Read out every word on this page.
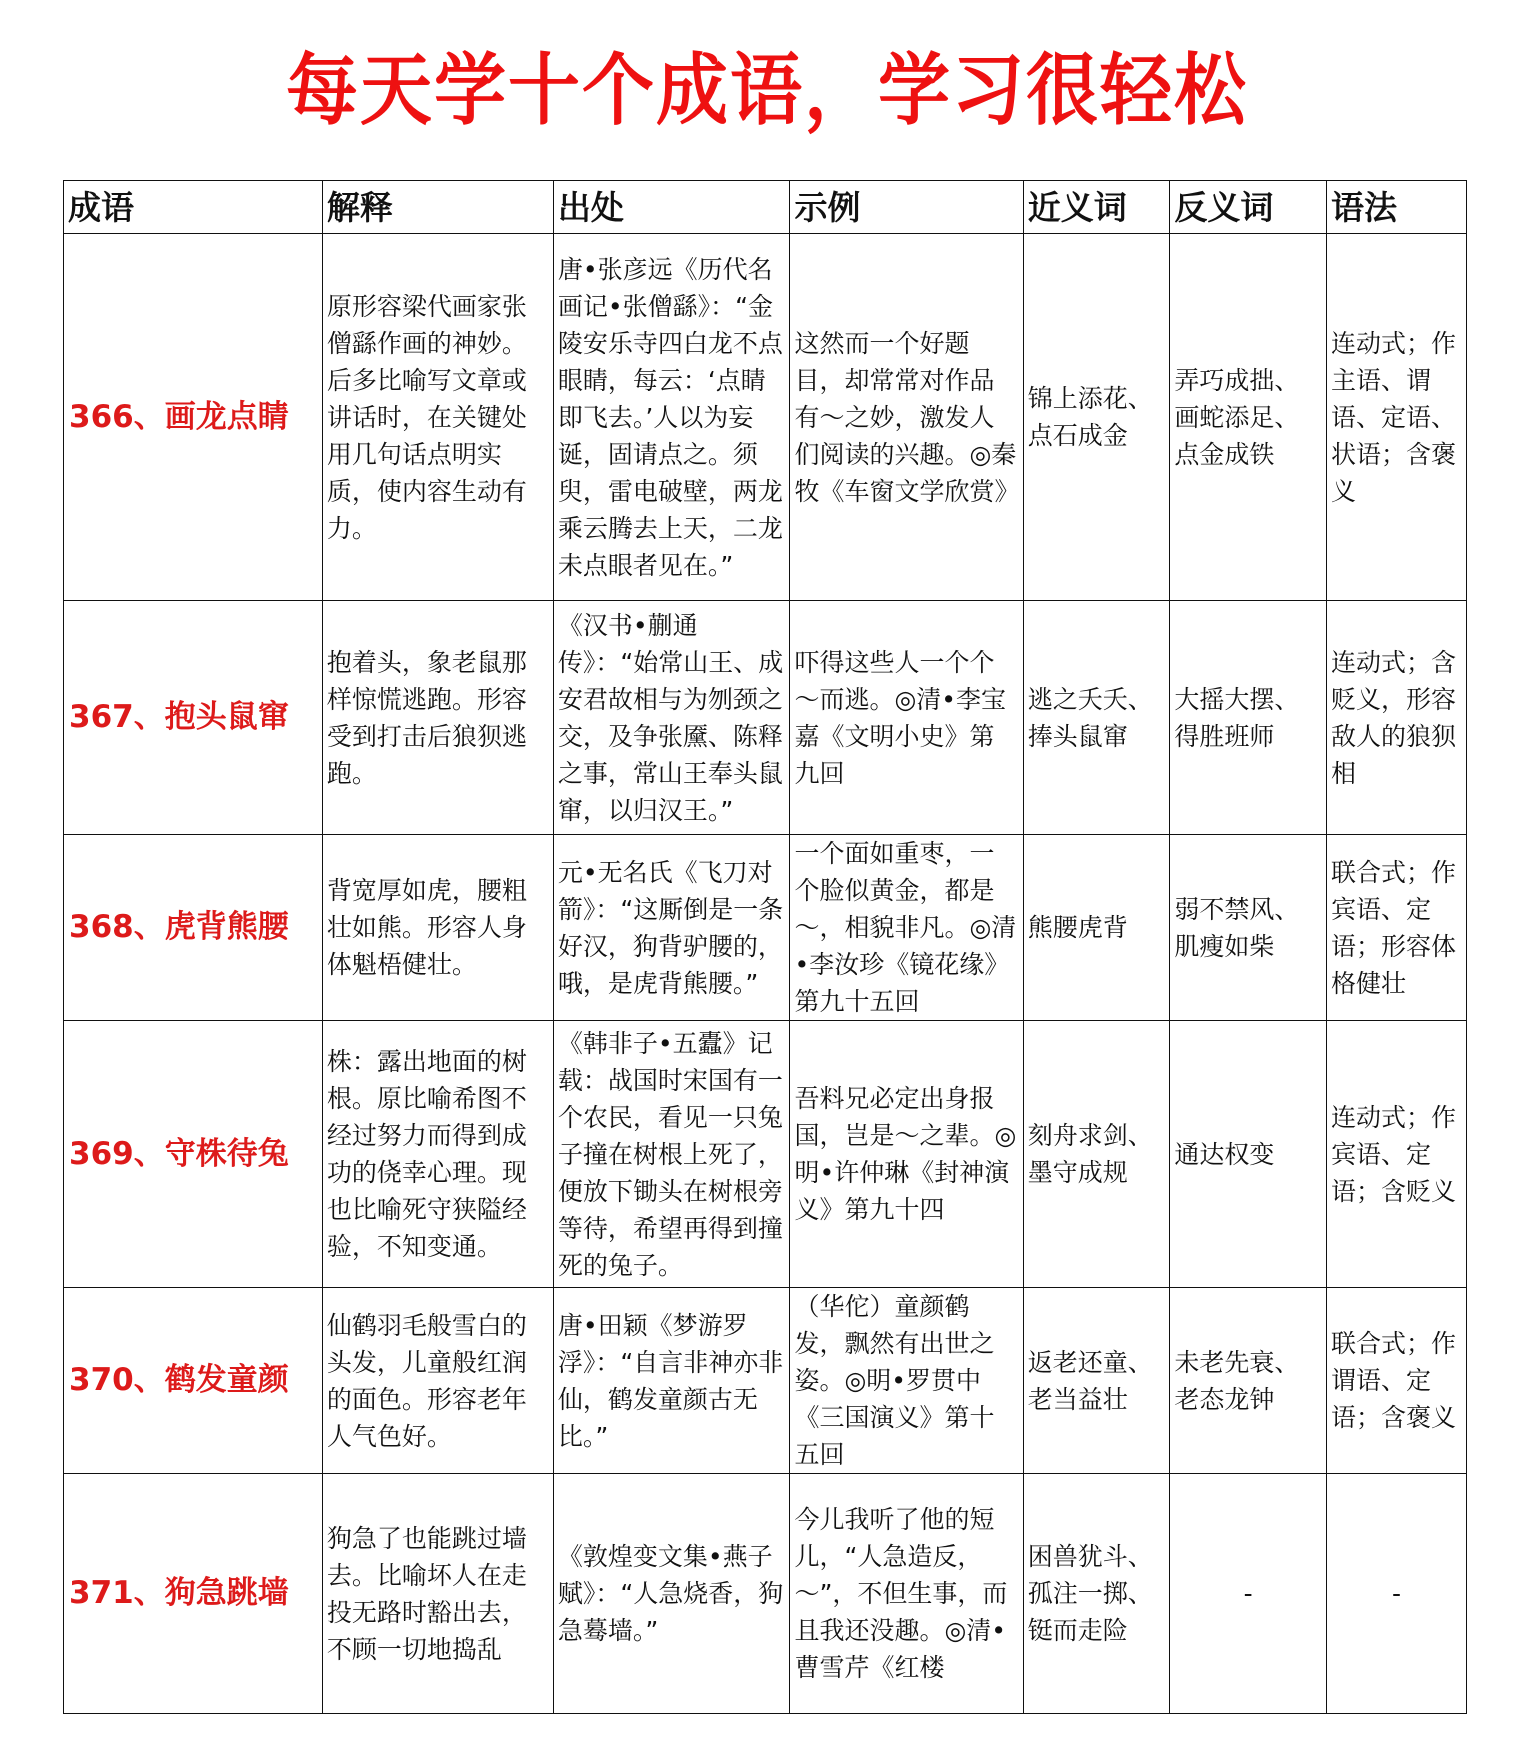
每天学十个成语，学习很轻松
成语	解释	出处	示例	近义词	反义词	语法
366、画龙点睛	原形容梁代画家张僧繇作画的神妙。后多比喻写文章或讲话时，在关键处用几句话点明实质，使内容生动有力。	唐•张彦远《历代名画记•张僧繇》：“金陵安乐寺四白龙不点眼睛，每云：‘点睛即飞去。’人以为妄诞，固请点之。须臾，雷电破壁，两龙乘云腾去上天，二龙未点眼者见在。”	这然而一个好题目，却常常对作品有～之妙，激发人们阅读的兴趣。◎秦牧《车窗文学欣赏》	锦上添花、点石成金	弄巧成拙、画蛇添足、点金成铁	连动式；作主语、谓语、定语、状语；含褒义
367、抱头鼠窜	抱着头，象老鼠那样惊慌逃跑。形容受到打击后狼狈逃跑。	《汉书•蒯通传》：“始常山王、成安君故相与为刎颈之交，及争张黡、陈释之事，常山王奉头鼠窜，以归汉王。”	吓得这些人一个个～而逃。◎清•李宝嘉《文明小史》第九回	逃之夭夭、捧头鼠窜	大摇大摆、得胜班师	连动式；含贬义，形容敌人的狼狈相
368、虎背熊腰	背宽厚如虎，腰粗壮如熊。形容人身体魁梧健壮。	元•无名氏《飞刀对箭》：“这厮倒是一条好汉，狗背驴腰的，哦，是虎背熊腰。”	一个面如重枣，一个脸似黄金，都是～，相貌非凡。◎清•李汝珍《镜花缘》第九十五回	熊腰虎背	弱不禁风、肌瘦如柴	联合式；作宾语、定语；形容体格健壮
369、守株待兔	株：露出地面的树根。原比喻希图不经过努力而得到成功的侥幸心理。现也比喻死守狭隘经验，不知变通。	《韩非子•五蠹》记载：战国时宋国有一个农民，看见一只兔子撞在树根上死了，便放下锄头在树根旁等待，希望再得到撞死的兔子。	吾料兄必定出身报国，岂是～之辈。◎明•许仲琳《封神演义》第九十四	刻舟求剑、墨守成规	通达权变	连动式；作宾语、定语；含贬义
370、鹤发童颜	仙鹤羽毛般雪白的头发，儿童般红润的面色。形容老年人气色好。	唐•田颖《梦游罗浮》：“自言非神亦非仙，鹤发童颜古无比。”	（华佗）童颜鹤发，飘然有出世之姿。◎明•罗贯中《三国演义》第十五回	返老还童、老当益壮	未老先衰、老态龙钟	联合式；作谓语、定语；含褒义
371、狗急跳墙	狗急了也能跳过墙去。比喻坏人在走投无路时豁出去，不顾一切地捣乱	《敦煌变文集•燕子赋》：“人急烧香，狗急蓦墙。”	今儿我听了他的短儿，“人急造反，～”，不但生事，而且我还没趣。◎清•曹雪芹《红楼	困兽犹斗、孤注一掷、铤而走险	-	-
